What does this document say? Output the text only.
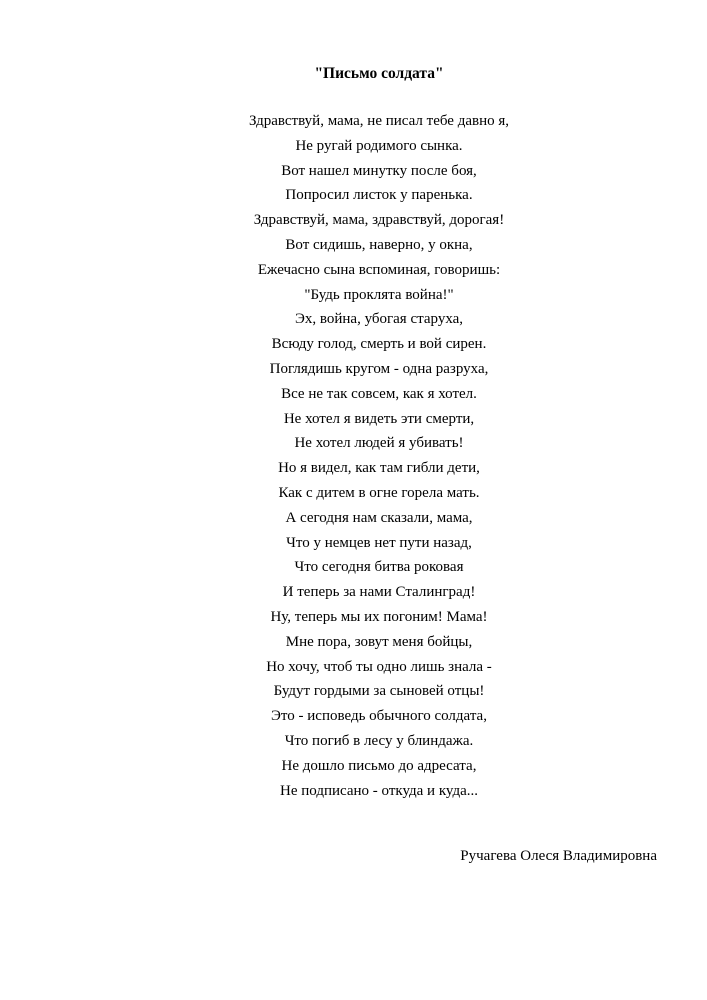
"Письмо солдата"

Здравствуй, мама, не писал тебе давно я,

Не ругай родимого сынка.

Вот нашел минутку после боя,

Попросил листок у паренька.

Здравствуй, мама, здравствуй, дорогая!

Вот сидишь, наверно, у окна,

Ежечасно сына вспоминая, говоришь:

"Будь проклята война!"

Эх, война, убогая старуха,

Всюду голод, смерть и вой сирен.

Поглядишь кругом - одна разруха,

Все не так совсем, как я хотел.

Не хотел я видеть эти смерти,

Не хотел людей я убивать!

Но я видел, как там гибли дети,

Как с дитем в огне горела мать.

А сегодня нам сказали, мама,

Что у немцев нет пути назад,

Что сегодня битва роковая

И теперь за нами Сталинград!

Ну, теперь мы их погоним! Мама!

Мне пора, зовут меня бойцы,

Но хочу, чтоб ты одно лишь знала -

Будут гордыми за сыновей отцы!

Это - исповедь обычного солдата,

Что погиб в лесу у блиндажа.

Не дошло письмо до адресата,

Не подписано - откуда и куда...

Ручагева Олеся Владимировна
